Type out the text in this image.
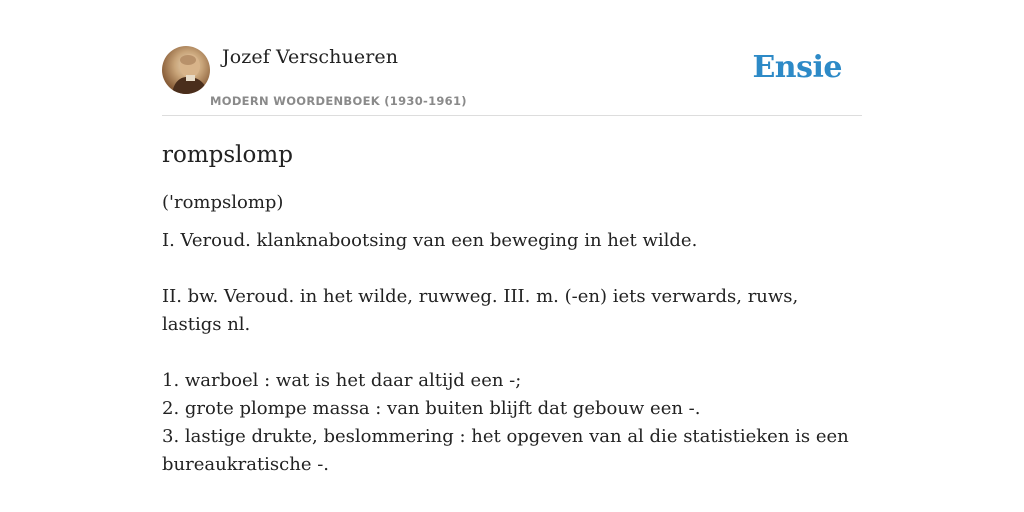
Jozef Verschueren
MODERN WOORDENBOEK (1930-1961)
Ensie
rompslomp
('rompslomp)
I. Veroud. klanknabootsing van een beweging in het wilde.
II. bw. Veroud. in het wilde, ruwweg. III. m. (-en) iets verwards, ruws, lastigs nl.
1. warboel : wat is het daar altijd een -;
2. grote plompe massa : van buiten blijft dat gebouw een -.
3. lastige drukte, beslommering : het opgeven van al die statistieken is een
bureaukratische -.
